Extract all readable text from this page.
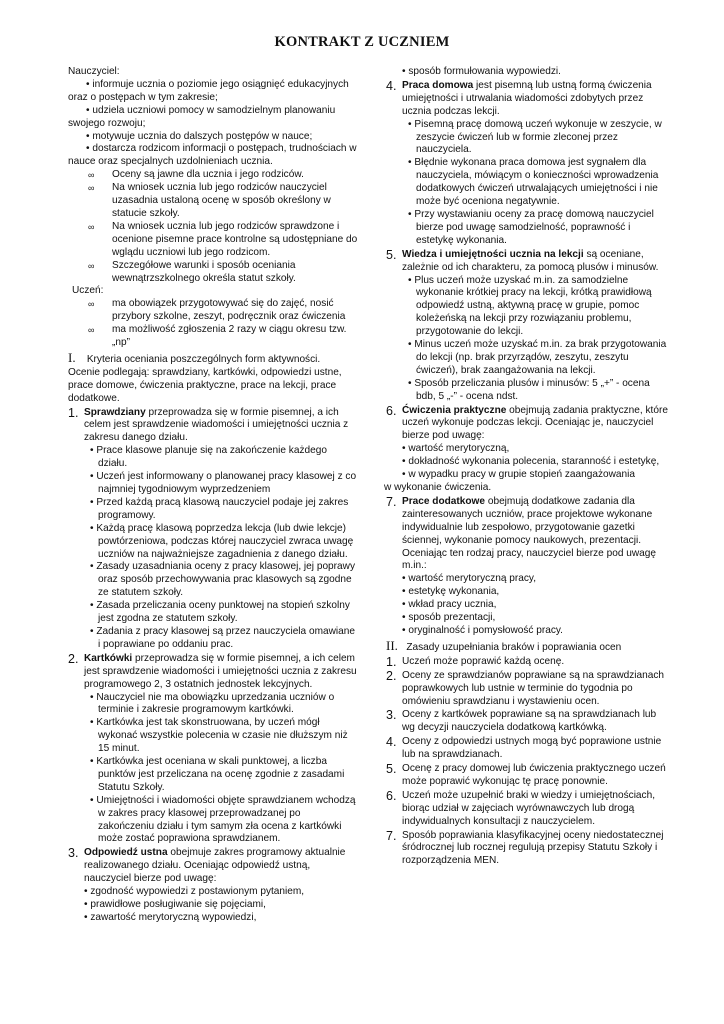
KONTRAKT Z UCZNIEM

Nauczyciel:

• informuje ucznia o poziomie jego osiągnięć edukacyjnych oraz o postępach w tym zakresie;

• udziela uczniowi pomocy w samodzielnym planowaniu swojego rozwoju;

• motywuje ucznia do dalszych postępów w nauce;

• dostarcza rodzicom informacji o postępach, trudnościach w nauce oraz specjalnych uzdolnieniach ucznia.

∞	Oceny są jawne dla ucznia i jego rodziców.
∞	Na wniosek ucznia lub jego rodziców nauczyciel uzasadnia ustaloną ocenę w sposób określony w statucie szkoły.
∞	Na wniosek ucznia lub jego rodziców sprawdzone i ocenione pisemne prace kontrolne są udostępniane do wglądu uczniowi lub jego rodzicom.
∞	Szczegółowe warunki i sposób oceniania wewnątrzszkolnego określa statut szkoły.

Uczeń:

∞	ma obowiązek przygotowywać się do zajęć, nosić przybory szkolne, zeszyt, podręcznik oraz ćwiczenia
∞	ma możliwość zgłoszenia 2 razy w ciągu okresu tzw. „np”

I. Kryteria oceniania poszczególnych form aktywności.

Ocenie podlegają: sprawdziany, kartkówki, odpowiedzi ustne, prace domowe, ćwiczenia praktyczne, prace na lekcji, prace dodatkowe.

1. Sprawdziany przeprowadza się w formie pisemnej, a ich celem jest sprawdzenie wiadomości i umiejętności ucznia z zakresu danego działu.

• Prace klasowe planuje się na zakończenie każdego działu.

• Uczeń jest informowany o planowanej pracy klasowej z co najmniej tygodniowym wyprzedzeniem

• Przed każdą pracą klasową nauczyciel podaje jej zakres programowy.

• Każdą pracę klasową poprzedza lekcja (lub dwie lekcje) powtórzeniowa, podczas której nauczyciel zwraca uwagę uczniów na najważniejsze zagadnienia z danego działu.

• Zasady uzasadniania oceny z pracy klasowej, jej poprawy oraz sposób przechowywania prac klasowych są zgodne ze statutem szkoły.

• Zasada przeliczania oceny punktowej na stopień szkolny jest zgodna ze statutem szkoły.

• Zadania z pracy klasowej są przez nauczyciela omawiane i poprawiane po oddaniu prac.

2. Kartkówki przeprowadza się w formie pisemnej, a ich celem jest sprawdzenie wiadomości i umiejętności ucznia z zakresu programowego 2, 3 ostatnich jednostek lekcyjnych.

• Nauczyciel nie ma obowiązku uprzedzania uczniów o terminie i zakresie programowym kartkówki.

• Kartkówka jest tak skonstruowana, by uczeń mógł wykonać wszystkie polecenia w czasie nie dłuższym niż 15 minut.

• Kartkówka jest oceniana w skali punktowej, a liczba punktów jest przeliczana na ocenę zgodnie z zasadami Statutu Szkoły.

• Umiejętności i wiadomości objęte sprawdzianem wchodzą w zakres pracy klasowej przeprowadzanej po zakończeniu działu i tym samym zła ocena z kartkówki może zostać poprawiona sprawdzianem.

3. Odpowiedź ustna obejmuje zakres programowy aktualnie realizowanego działu. Oceniając odpowiedź ustną, nauczyciel bierze pod uwagę:

• zgodność wypowiedzi z postawionym pytaniem,

• prawidłowe posługiwanie się pojęciami,

• zawartość merytoryczną wypowiedzi,

• sposób formułowania wypowiedzi.

4. Praca domowa jest pisemną lub ustną formą ćwiczenia umiejętności i utrwalania wiadomości zdobytych przez ucznia podczas lekcji.

• Pisemną pracę domową uczeń wykonuje w zeszycie, w zeszycie ćwiczeń lub w formie zleconej przez nauczyciela.

• Błędnie wykonana praca domowa jest sygnałem dla nauczyciela, mówiącym o konieczności wprowadzenia dodatkowych ćwiczeń utrwalających umiejętności i nie może być oceniona negatywnie.

• Przy wystawianiu oceny za pracę domową nauczyciel bierze pod uwagę samodzielność, poprawność i estetykę wykonania.

5. Wiedza i umiejętności ucznia na lekcji są oceniane, zależnie od ich charakteru, za pomocą plusów i minusów.

• Plus uczeń może uzyskać m.in. za samodzielne wykonanie krótkiej pracy na lekcji, krótką prawidłową odpowiedź ustną, aktywną pracę w grupie, pomoc koleżeńską na lekcji przy rozwiązaniu problemu, przygotowanie do lekcji.

• Minus uczeń może uzyskać m.in. za brak przygotowania do lekcji (np. brak przyrządów, zeszytu, zeszytu ćwiczeń), brak zaangażowania na lekcji.

• Sposób przeliczania plusów i minusów: 5 „+” - ocena bdb, 5 „-” - ocena ndst.

6. Ćwiczenia praktyczne obejmują zadania praktyczne, które uczeń wykonuje podczas lekcji. Oceniając je, nauczyciel bierze pod uwagę:

• wartość merytoryczną,

• dokładność wykonania polecenia, staranność i estetykę,

• w wypadku pracy w grupie stopień zaangażowania

w wykonanie ćwiczenia.

7. Prace dodatkowe obejmują dodatkowe zadania dla zainteresowanych uczniów, prace projektowe wykonane indywidualnie lub zespołowo, przygotowanie gazetki ściennej, wykonanie pomocy naukowych, prezentacji. Oceniając ten rodzaj pracy, nauczyciel bierze pod uwagę m.in.:

• wartość merytoryczną pracy,

• estetykę wykonania,

• wkład pracy ucznia,

• sposób prezentacji,

• oryginalność i pomysłowość pracy.

II. Zasady uzupełniania braków i poprawiania ocen

1. Uczeń może poprawić każdą ocenę.
2. Oceny ze sprawdzianów poprawiane są na sprawdzianach poprawkowych lub ustnie w terminie do tygodnia po omówieniu sprawdzianu i wystawieniu ocen.
3. Oceny z kartkówek poprawiane są na sprawdzianach lub wg decyzji nauczyciela dodatkową kartkówką.
4. Oceny z odpowiedzi ustnych mogą być poprawione ustnie lub na sprawdzianach.
5. Ocenę z pracy domowej lub ćwiczenia praktycznego uczeń może poprawić wykonując tę pracę ponownie.
6. Uczeń może uzupełnić braki w wiedzy i umiejętnościach, biorąc udział w zajęciach wyrównawczych lub drogą indywidualnych konsultacji z nauczycielem.
7. Sposób poprawiania klasyfikacyjnej oceny niedostatecznej śródrocznej lub rocznej regulują przepisy Statutu Szkoły i rozporządzenia MEN.
